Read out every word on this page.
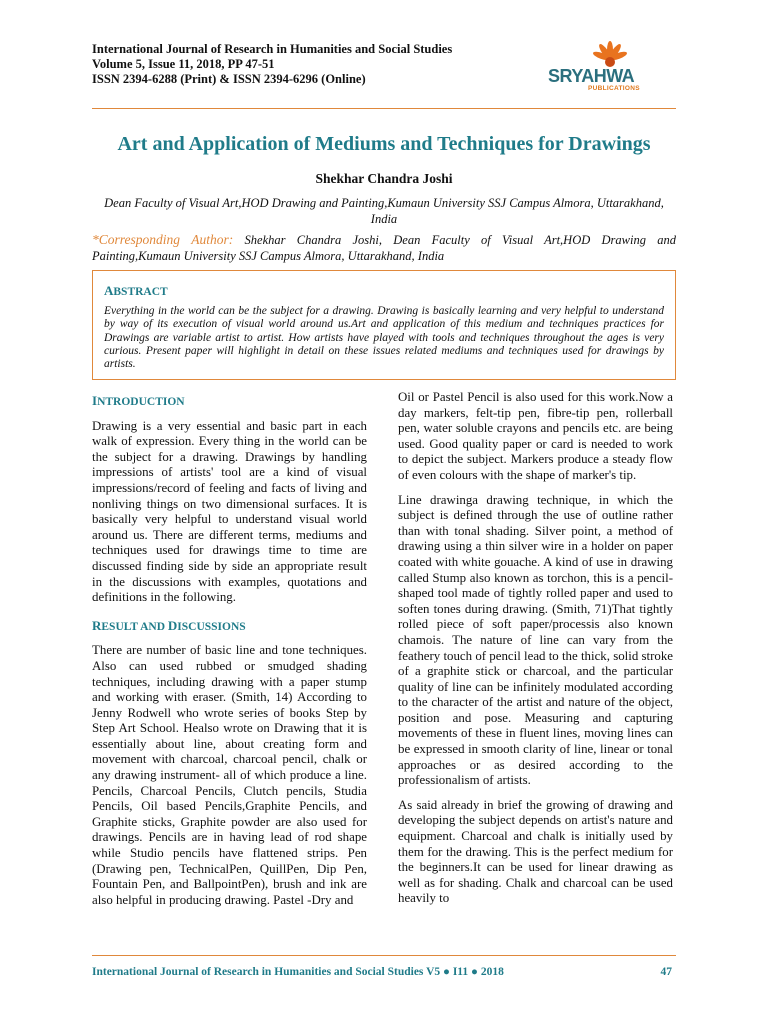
International Journal of Research in Humanities and Social Studies
Volume 5, Issue 11, 2018, PP 47-51
ISSN 2394-6288 (Print) & ISSN 2394-6296 (Online)	SRYAHWA
PUBLICATIONS
Art and Application of Mediums and Techniques for Drawings
Shekhar Chandra Joshi
Dean Faculty of Visual Art,HOD Drawing and Painting,Kumaun University SSJ Campus Almora, Uttarakhand, India
*Corresponding Author: Shekhar Chandra Joshi, Dean Faculty of Visual Art,HOD Drawing and Painting,Kumaun University SSJ Campus Almora, Uttarakhand, India
ABSTRACT
Everything in the world can be the subject for a drawing. Drawing is basically learning and very helpful to understand by way of its execution of visual world around us.Art and application of this medium and techniques practices for Drawings are variable artist to artist. How artists have played with tools and techniques throughout the ages is very curious. Present paper will highlight in detail on these issues related mediums and techniques used for drawings by artists.
INTRODUCTION

Drawing is a very essential and basic part in each walk of expression. Every thing in the world can be the subject for a drawing. Drawings by handling impressions of artists' tool are a kind of visual impressions/record of feeling and facts of living and nonliving things on two dimensional surfaces. It is basically very helpful to understand visual world around us. There are different terms, mediums and techniques used for drawings time to time are discussed finding side by side an appropriate result in the discussions with examples, quotations and definitions in the following.

RESULT AND DISCUSSIONS

There are number of basic line and tone techniques. Also can used rubbed or smudged shading techniques, including drawing with a paper stump and working with eraser. (Smith, 14) According to Jenny Rodwell who wrote series of books Step by Step Art School. Healso wrote on Drawing that it is essentially about line, about creating form and movement with charcoal, charcoal pencil, chalk or any drawing instrument- all of which produce a line. Pencils, Charcoal Pencils, Clutch pencils, Studia Pencils, Oil based Pencils,Graphite Pencils, and Graphite sticks, Graphite powder are also used for drawings. Pencils are in having lead of rod shape while Studio pencils have flattened strips. Pen (Drawing pen, TechnicalPen, QuillPen, Dip Pen, Fountain Pen, and BallpointPen), brush and ink are also helpful in producing drawing. Pastel -Dry and

Oil or Pastel Pencil is also used for this work.Now a day markers, felt-tip pen, fibre-tip pen, rollerball pen, water soluble crayons and pencils etc. are being used. Good quality paper or card is needed to work to depict the subject. Markers produce a steady flow of even colours with the shape of marker's tip.

Line drawinga drawing technique, in which the subject is defined through the use of outline rather than with tonal shading. Silver point, a method of drawing using a thin silver wire in a holder on paper coated with white gouache. A kind of use in drawing called Stump also known as torchon, this is a pencil-shaped tool made of tightly rolled paper and used to soften tones during drawing. (Smith, 71)That tightly rolled piece of soft paper/processis also known chamois. The nature of line can vary from the feathery touch of pencil lead to the thick, solid stroke of a graphite stick or charcoal, and the particular quality of line can be infinitely modulated according to the character of the artist and nature of the object, position and pose. Measuring and capturing movements of these in fluent lines, moving lines can be expressed in smooth clarity of line, linear or tonal approaches or as desired according to the professionalism of artists.

As said already in brief the growing of drawing and developing the subject depends on artist's nature and equipment. Charcoal and chalk is initially used by them for the drawing. This is the perfect medium for the beginners.It can be used for linear drawing as well as for shading. Chalk and charcoal can be used heavily to

International Journal of Research in Humanities and Social Studies V5 ● I11 ● 2018	47
